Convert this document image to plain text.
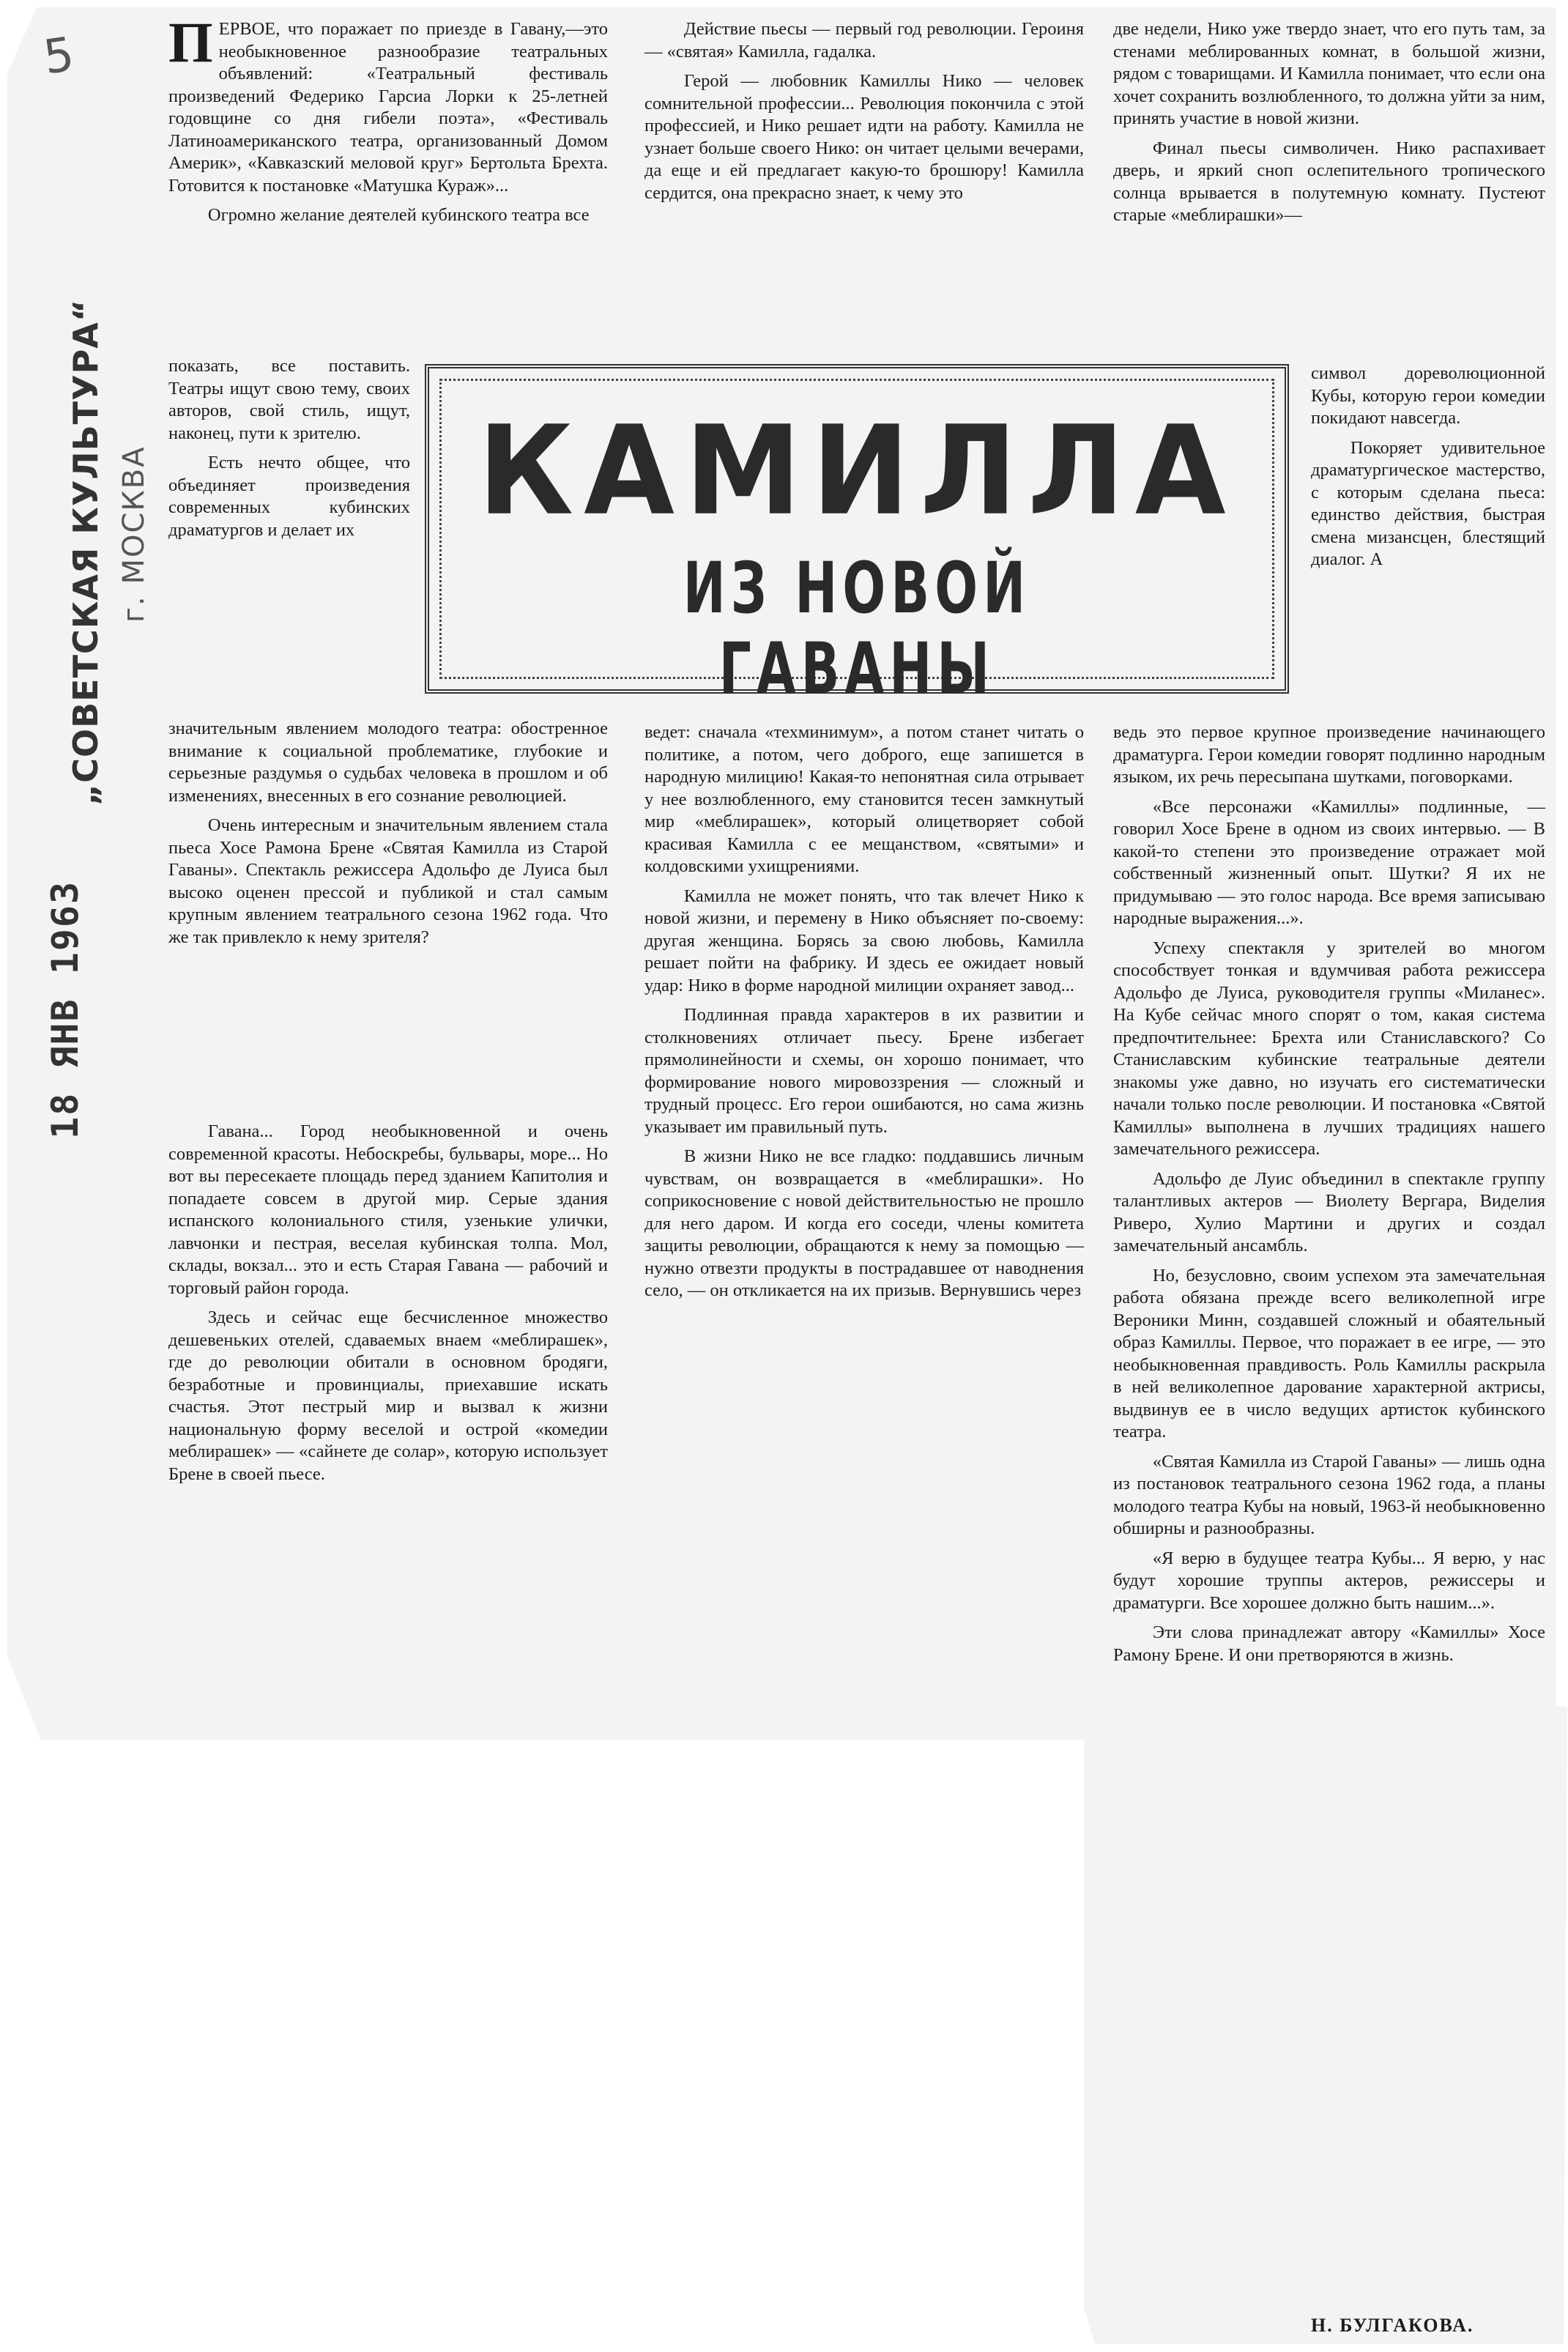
5
„СОВЕТСКАЯ КУЛЬТУРА“ г. МОСКВА
18 ЯНВ 1963
КАМИЛЛА
ИЗ НОВОЙ ГАВАНЫ

ПЕРВОЕ, что поражает по приезде в Гавану,—это необыкновенное разнообразие театральных объявлений: «Театральный фестиваль произведений Федерико Гарсиа Лорки к 25-летней годовщине со дня гибели поэта», «Фестиваль Латиноамериканского театра, организованный Домом Америк», «Кавказский меловой круг» Бертольта Брехта. Готовится к постановке «Матушка Кураж»...

Огромно желание деятелей кубинского театра все

показать, все поставить. Театры ищут свою тему, своих авторов, свой стиль, ищут, наконец, пути к зрителю.

Есть нечто общее, что объединяет произведения современных кубинских драматургов и делает их

значительным явлением молодого театра: обостренное внимание к социальной проблематике, глубокие и серьезные раздумья о судьбах человека в прошлом и об изменениях, внесенных в его сознание революцией.

Очень интересным и значительным явлением стала пьеса Хосе Рамона Брене «Святая Камилла из Старой Гаваны». Спектакль режиссера Адольфо де Луиса был высоко оценен прессой и публикой и стал самым крупным явлением театрального сезона 1962 года. Что же так привлекло к нему зрителя?

Гавана... Город необыкновенной и очень современной красоты. Небоскребы, бульвары, море... Но вот вы пересекаете площадь перед зданием Капитолия и попадаете совсем в другой мир. Серые здания испанского колониального стиля, узенькие улички, лавчонки и пестрая, веселая кубинская толпа. Мол, склады, вокзал... это и есть Старая Гавана — рабочий и торговый район города.

Здесь и сейчас еще бесчисленное множество дешевеньких отелей, сдаваемых внаем «меблирашек», где до революции обитали в основном бродяги, безработные и провинциалы, приехавшие искать счастья. Этот пестрый мир и вызвал к жизни национальную форму веселой и острой «комедии меблирашек» — «сайнете де солар», которую использует Брене в своей пьесе.

Действие пьесы — первый год революции. Героиня — «святая» Камилла, гадалка.

Герой — любовник Камиллы Нико — человек сомнительной профессии... Революция покончила с этой профессией, и Нико решает идти на работу. Камилла не узнает больше своего Нико: он читает целыми вечерами, да еще и ей предлагает какую-то брошюру! Камилла сердится, она прекрасно знает, к чему это

ведет: сначала «техминимум», а потом станет читать о политике, а потом, чего доброго, еще запишется в народную милицию! Какая-то непонятная сила отрывает у нее возлюбленного, ему становится тесен замкнутый мир «меблирашек», который олицетворяет собой красивая Камилла с ее мещанством, «святыми» и колдовскими ухищрениями.

Камилла не может понять, что так влечет Нико к новой жизни, и перемену в Нико объясняет по-своему: другая женщина. Борясь за свою любовь, Камилла решает пойти на фабрику. И здесь ее ожидает новый удар: Нико в форме народной милиции охраняет завод...

Подлинная правда характеров в их развитии и столкновениях отличает пьесу. Брене избегает прямолинейности и схемы, он хорошо понимает, что формирование нового мировоззрения — сложный и трудный процесс. Его герои ошибаются, но сама жизнь указывает им правильный путь.

В жизни Нико не все гладко: поддавшись личным чувствам, он возвращается в «меблирашки». Но соприкосновение с новой действительностью не прошло для него даром. И когда его соседи, члены комитета защиты революции, обращаются к нему за помощью — нужно отвезти продукты в пострадавшее от наводнения село, — он откликается на их призыв. Вернувшись через

две недели, Нико уже твердо знает, что его путь там, за стенами меблированных комнат, в большой жизни, рядом с товарищами. И Камилла понимает, что если она хочет сохранить возлюбленного, то должна уйти за ним, принять участие в новой жизни.

Финал пьесы символичен. Нико распахивает дверь, и яркий сноп ослепительного тропического солнца врывается в полутемную комнату. Пустеют старые «меблирашки»—

символ дореволюционной Кубы, которую герои комедии покидают навсегда.

Покоряет удивительное драматургическое мастерство, с которым сделана пьеса: единство действия, быстрая смена мизансцен, блестящий диалог. А

ведь это первое крупное произведение начинающего драматурга. Герои комедии говорят подлинно народным языком, их речь пересыпана шутками, поговорками.

«Все персонажи «Камиллы» подлинные, — говорил Хосе Брене в одном из своих интервью. — В какой-то степени это произведение отражает мой собственный жизненный опыт. Шутки? Я их не придумываю — это голос народа. Все время записываю народные выражения...».

Успеху спектакля у зрителей во многом способствует тонкая и вдумчивая работа режиссера Адольфо де Луиса, руководителя группы «Миланес». На Кубе сейчас много спорят о том, какая система предпочтительнее: Брехта или Станиславского? Со Станиславским кубинские театральные деятели знакомы уже давно, но изучать его систематически начали только после революции. И постановка «Святой Камиллы» выполнена в лучших традициях нашего замечательного режиссера.

Адольфо де Луис объединил в спектакле группу талантливых актеров — Виолету Вергара, Виделия Риверо, Хулио Мартини и других и создал замечательный ансамбль.

Но, безусловно, своим успехом эта замечательная работа обязана прежде всего великолепной игре Вероники Минн, создавшей сложный и обаятельный образ Камиллы. Первое, что поражает в ее игре, — это необыкновенная правдивость. Роль Камиллы раскрыла в ней великолепное дарование характерной актрисы, выдвинув ее в число ведущих артисток кубинского театра.

«Святая Камилла из Старой Гаваны» — лишь одна из постановок театрального сезона 1962 года, а планы молодого театра Кубы на новый, 1963-й необыкновенно обширны и разнообразны.

«Я верю в будущее театра Кубы... Я верю, у нас будут хорошие труппы актеров, режиссеры и драматурги. Все хорошее должно быть нашим...».

Эти слова принадлежат автору «Камиллы» Хосе Рамону Брене. И они претворяются в жизнь.

Н. БУЛГАКОВА.
